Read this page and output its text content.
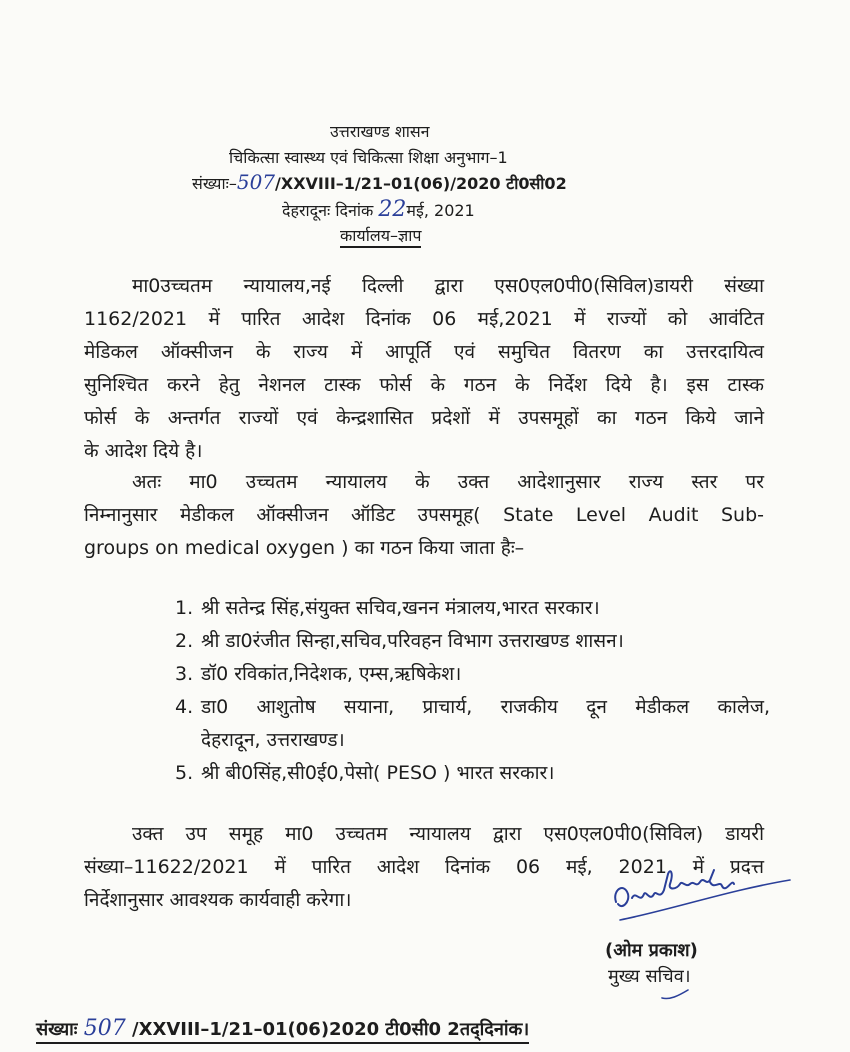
उत्तराखण्ड शासन
चिकित्सा स्वास्थ्य एवं चिकित्सा शिक्षा अनुभाग–1
संख्याः–507/XXVIII–1/21–01(06)/2020 टी0सी02
देहरादूनः दिनांक 22मई, 2021
कार्यालय–ज्ञाप
मा0उच्चतम न्यायालय,नई दिल्ली द्वारा एस0एल0पी0(सिविल)डायरी संख्या
1162/2021 में पारित आदेश दिनांक 06 मई,2021 में राज्यों को आवंटित
मेडिकल ऑक्सीजन के राज्य में आपूर्ति एवं समुचित वितरण का उत्तरदायित्व
सुनिश्चित करने हेतु नेशनल टास्क फोर्स के गठन के निर्देश दिये है। इस टास्क
फोर्स के अन्तर्गत राज्यों एवं केन्द्रशासित प्रदेशों में उपसमूहों का गठन किये जाने
के आदेश दिये है।
अतः मा0 उच्चतम न्यायालय के उक्त आदेशानुसार राज्य स्तर पर
निम्नानुसार मेडीकल ऑक्सीजन ऑडिट उपसमूह( State Level Audit Sub-
groups on medical oxygen ) का गठन किया जाता हैः–
1. श्री सतेन्द्र सिंह,संयुक्त सचिव,खनन मंत्रालय,भारत सरकार।
2. श्री डा0रंजीत सिन्हा,सचिव,परिवहन विभाग उत्तराखण्ड शासन।
3. डॉ0 रविकांत,निदेशक, एम्स,ऋषिकेश।
4. डा0 आशुतोष सयाना, प्राचार्य, राजकीय दून मेडीकल कालेज,
देहरादून, उत्तराखण्ड।
5. श्री बी0सिंह,सी0ई0,पेसो( PESO ) भारत सरकार।
उक्त उप समूह मा0 उच्चतम न्यायालय द्वारा एस0एल0पी0(सिविल) डायरी
संख्या–11622/2021 में पारित आदेश दिनांक 06 मई, 2021 में प्रदत्त
निर्देशानुसार आवश्यक कार्यवाही करेगा।
(ओम प्रकाश)
मुख्य सचिव।
संख्याः 507 /XXVIII–1/21–01(06)2020 टी0सी0 2तद्‌दिनांक।
